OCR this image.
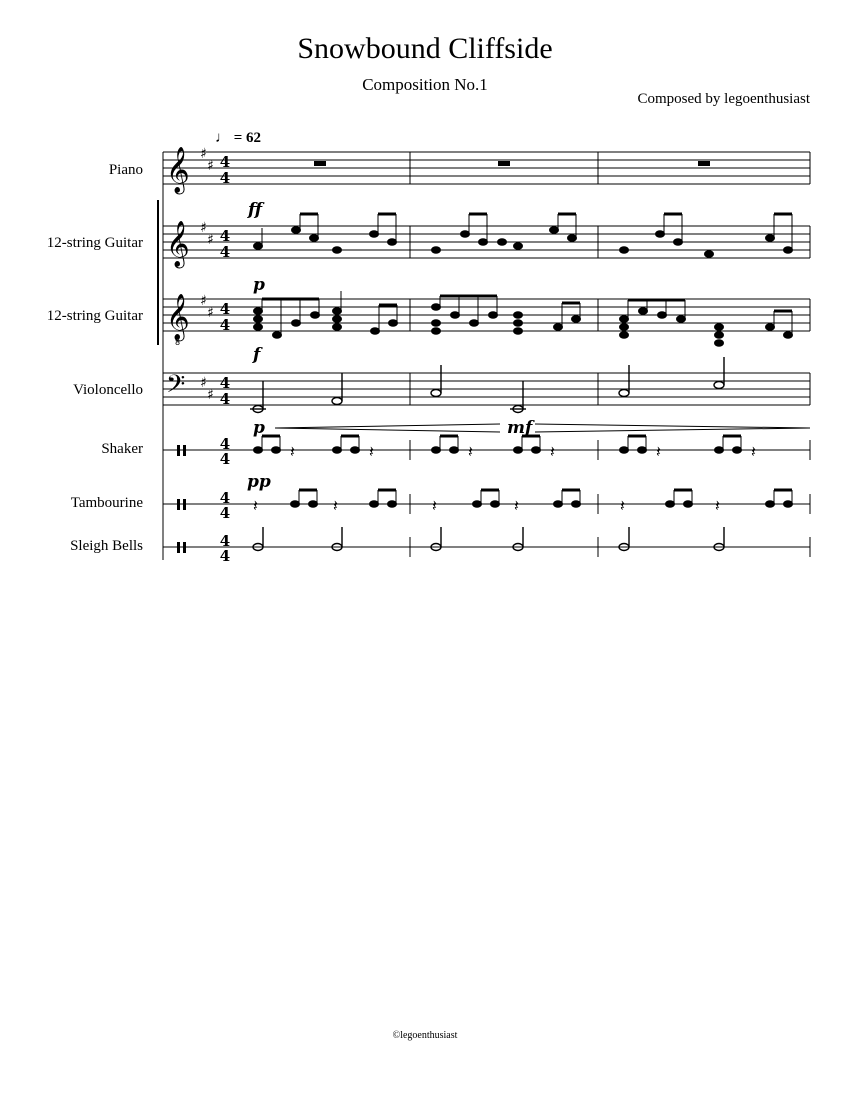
Snowbound Cliffside
Composition No.1
Composed by legoenthusiast
♩ = 62
Piano
12-string Guitar
12-string Guitar
Violoncello
Shaker
Tambourine
Sleigh Bells
𝄞
𝄞
𝄞
8
𝄢
♯
♯
♯
♯
♯
♯
♯
♯
4
4
4
4
4
4
4
4
4
4
4
4
4
4
𝄽	𝄽	𝄽	𝄽	𝄽	𝄽
𝄽	𝄽	𝄽	𝄽	𝄽	𝄽
ff
p
f
p	mf
pp
©legoenthusiast
